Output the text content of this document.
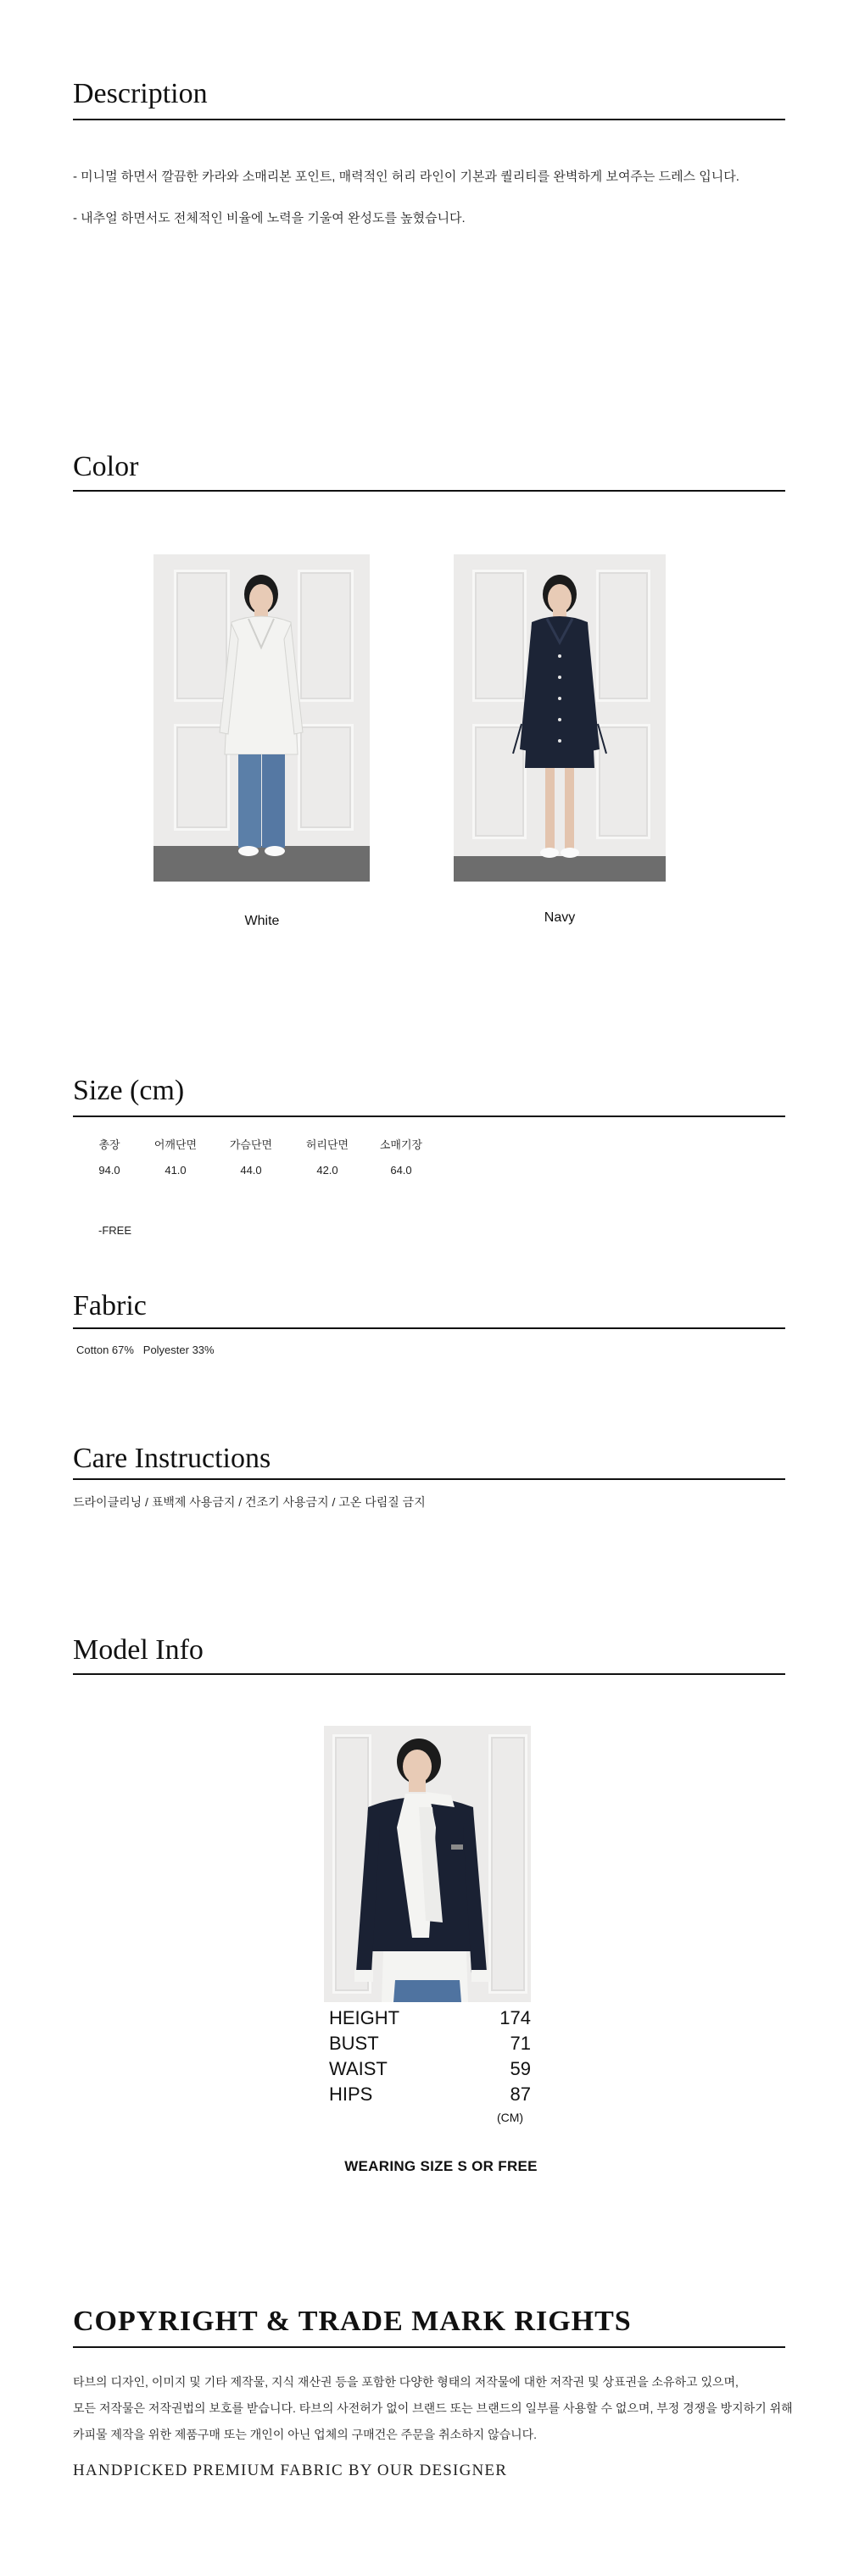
Description

- 미니멀 하면서 깔끔한 카라와 소매리본 포인트, 매력적인 허리 라인이 기본과 퀄리티를 완벽하게 보여주는 드레스 입니다.

- 내추얼 하면서도 전체적인 비율에 노력을 기울여 완성도를 높혔습니다.

Color
White	Navy
Size (cm)
총장	어깨단면	가슴단면	허리단면	소매기장
94.0	41.0	44.0	42.0	64.0
-FREE
Fabric

Cotton 67%   Polyester 33%

Care Instructions

드라이클리닝 / 표백제 사용금지 / 건조기 사용금지 / 고온 다림질 금지

Model Info
HEIGHT	174
BUST	71
WAIST	59
HIPS	87
(CM)
WEARING SIZE S OR FREE
COPYRIGHT & TRADE MARK RIGHTS

타브의 디자인, 이미지 및 기타 제작물, 지식 재산권 등을 포함한 다양한 형태의 저작물에 대한 저작권 및 상표권을 소유하고 있으며,

모든 저작물은 저작권법의 보호를 받습니다. 타브의 사전허가 없이 브랜드 또는 브랜드의 일부를 사용할 수 없으며, 부정 경쟁을 방지하기 위해

카피물 제작을 위한 제품구매 또는 개인이 아닌 업체의 구매건은 주문을 취소하지 않습니다.

HANDPICKED PREMIUM FABRIC BY OUR DESIGNER
